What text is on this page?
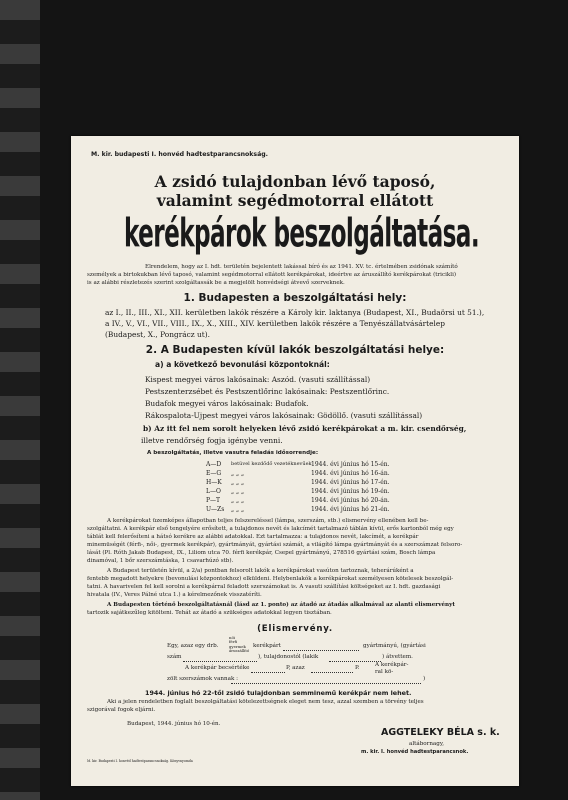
M. kir. budapesti I. honvéd hadtestparancsnokság.
A zsidó tulajdonban lévő taposó,
valamint segédmotorral ellátott
kerékpárok beszolgáltatása.
Elrendelem, hogy az I. hdt. területén bejelentett lakással bíró és az 1941. XV. tc. értelmében zsidónak számító
személyek a birtokukban lévő taposó, valamint segédmotorral ellátott kerékpárokat, ideértve az áruszállító kerékpárokat (tricikli)
is az alábbi részletezés szerint szolgáltassák be a megjelölt honvédségi átvevő szerveknek.
1. Budapesten a beszolgáltatási hely:
az I., II., III., XI., XII. kerületben lakók részére a Károly kir. laktanya (Budapest, XI., Budaörsi ut 51.),
a IV., V., VI., VII., VIII., IX., X., XIII., XIV. kerületben lakók részére a Tenyészállatvásártelep
(Budapest, X., Pongrácz ut).
2. A Budapesten kívül lakók beszolgáltatási helye:
a) a következő bevonulási központoknál:
Kispest megyei város lakósainak: Aszód. (vasuti szállítással)
Pestszenterzsébet és Pestszentlőrinc lakósainak: Pestszentlőrinc.
Budafok megyei város lakósainak: Budafok.
Rákospalota-Ujpest megyei város lakósainak: Gödöllő. (vasuti szállítással)
b) Az itt fel nem sorolt helyeken lévő zsidó kerékpárokat a m. kir. csendőrség,
illetve rendőrség fogja igénybe venni.
A beszolgáltatás, illetve vasutra feladás idősorrendje:
A—D betüvel kezdődő vezetéknevűek 1944. évi június hó 15-én.
E—G „ „ „	1944. évi június hó 16-án.
H—K „ „ „	1944. évi június hó 17-én.
L—O „ „ „	1944. évi június hó 19-én.
P—T „ „ „	1944. évi június hó 20-án.
U—Zs „ „ „	1944. évi június hó 21-én.
A kerékpárokat üzemképes állapotban teljes felszereléssel (lámpa, szerszám, stb.) elismervény ellenében kell be-
szolgáltatni. A kerékpár első tengelyére erősített, a tulajdonos nevét és lakcímét tartalmazó táblán kívül, erős kartonból még egy
táblát kell felerősíteni a hátsó kerékre az alábbi adatokkal. Ezt tartalmazza: a tulajdonos nevét, lakcímét, a kerékpár
minemüségét (férfi-, női-, gyermek kerékpár), gyártmányát, gyártási számát, a világító lámpa gyártmányát és a szerszámzat felsoro-
lását (Pl. Róth Jakab Budapest, IX., Liliom utca 70. férfi kerékpár, Csepel gyártmányú, 278516 gyártási szám, Bosch lámpa
dinamóval, 1 bőr szerszámtáska, 1 csavarhúzó stb).
A Budapest területén kívül, a 2/a) pontban felsorolt lakók a kerékpárokat vasúton tartoznak, teherárúként a
fentebb megadott helyekre (bevonulási központokhoz) elküldeni. Helybenlakók a kerékpárokat személyesen kötelesek beszolgál-
tatni. A havarivelen fel kell sorolni a kerékpárral feladott szerszámokat is. A vasuti szállítási költségeket az I. hdt. gazdasági
hivatala (IV., Veres Pálné utca 1.) a kérelmezőnek visszatéríti.
A Budapesten történő beszolgáltatásnál (lásd az 1. ponto) az átadó az átadás alkalmával az alanti elismervényt
tartozik sajátkezűleg kitölteni. Tehát az átadó a szükséges adatokkal legyen tisztában.
(Elismervény.
Egy, azaz egy drb.
női
férfi
gyermek
áruszállító
kerékpárt	gyártmányú, (gyártási
szám	), tulajdonostól (lakik	) átvettem.
A kerékpár becsértéke	P, azaz	P.	A kerékpár-
ral kö-
zölt szerszámok vannak :	)
1944. június hó 22-től zsidó tulajdonban semminemű kerékpár nem lehet.
Aki a jelen rendeletben foglalt beszolgáltatási kötelezettségnek eleget nem tesz, azzal szemben a törvény teljes
szigorával fogok eljárni.
Budapest, 1944. június hó 10-én.
AGGTELEKY BÉLA s. k.
altábornagy,
m. kir. I. honvéd hadtestparancsnok.
M. kir. Budapesti I. honvéd hadtestparancsnokság. Könyvnyomda
